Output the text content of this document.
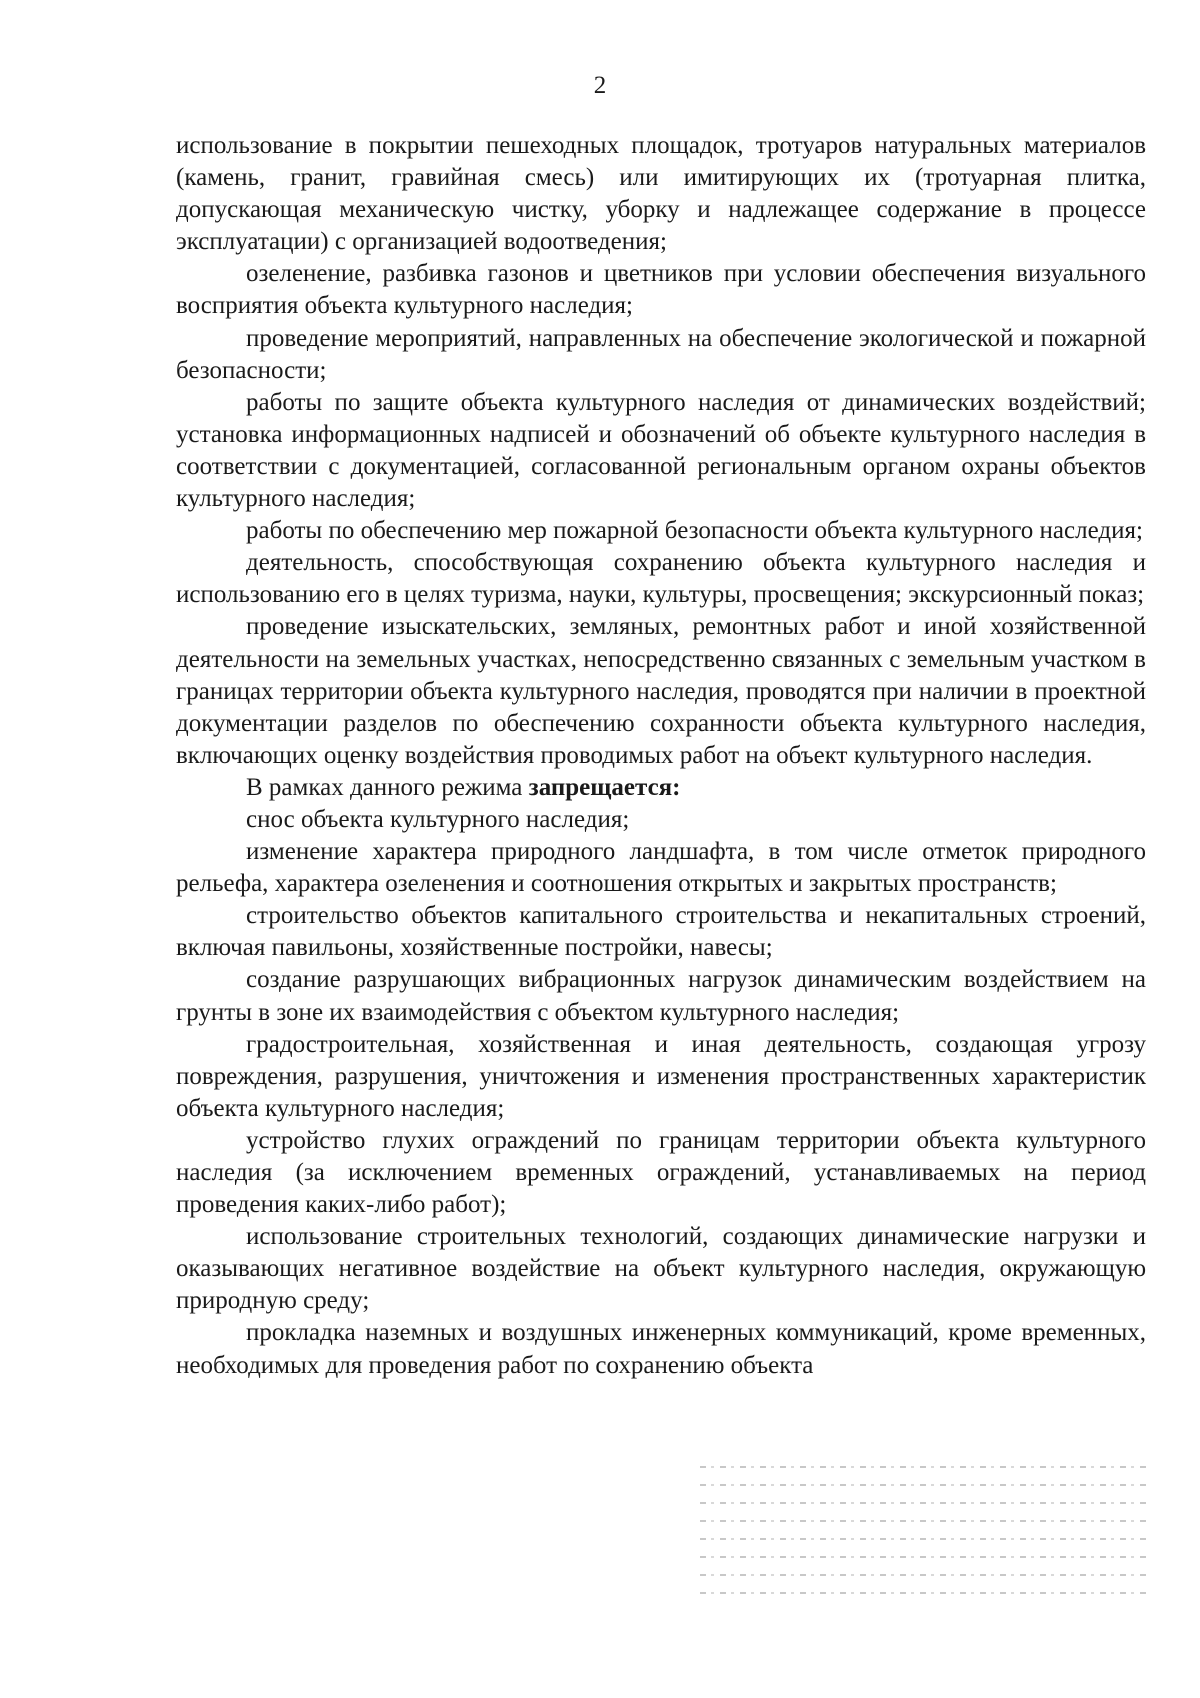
2

использование в покрытии пешеходных площадок, тротуаров натуральных материалов (камень, гранит, гравийная смесь) или имитирующих их (тротуарная плитка, допускающая механическую чистку, уборку и надлежащее содержание в процессе эксплуатации) с организацией водоотведения;

озеленение, разбивка газонов и цветников при условии обеспечения визуального восприятия объекта культурного наследия;

проведение мероприятий, направленных на обеспечение экологической и пожарной безопасности;

работы по защите объекта культурного наследия от динамических воздействий; установка информационных надписей и обозначений об объекте культурного наследия в соответствии с документацией, согласованной региональным органом охраны объектов культурного наследия;

работы по обеспечению мер пожарной безопасности объекта культурного наследия;

деятельность, способствующая сохранению объекта культурного наследия и использованию его в целях туризма, науки, культуры, просвещения; экскурсионный показ;

проведение изыскательских, земляных, ремонтных работ и иной хозяйственной деятельности на земельных участках, непосредственно связанных с земельным участком в границах территории объекта культурного наследия, проводятся при наличии в проектной документации разделов по обеспечению сохранности объекта культурного наследия, включающих оценку воздействия проводимых работ на объект культурного наследия.

В рамках данного режима запрещается:

снос объекта культурного наследия;

изменение характера природного ландшафта, в том числе отметок природного рельефа, характера озеленения и соотношения открытых и закрытых пространств;

строительство объектов капитального строительства и некапитальных строений, включая павильоны, хозяйственные постройки, навесы;

создание разрушающих вибрационных нагрузок динамическим воздействием на грунты в зоне их взаимодействия с объектом культурного наследия;

градостроительная, хозяйственная и иная деятельность, создающая угрозу повреждения, разрушения, уничтожения и изменения пространственных характеристик объекта культурного наследия;

устройство глухих ограждений по границам территории объекта культурного наследия (за исключением временных ограждений, устанавливаемых на период проведения каких-либо работ);

использование строительных технологий, создающих динамические нагрузки и оказывающих негативное воздействие на объект культурного наследия, окружающую природную среду;

прокладка наземных и воздушных инженерных коммуникаций, кроме временных, необходимых для проведения работ по сохранению объекта
